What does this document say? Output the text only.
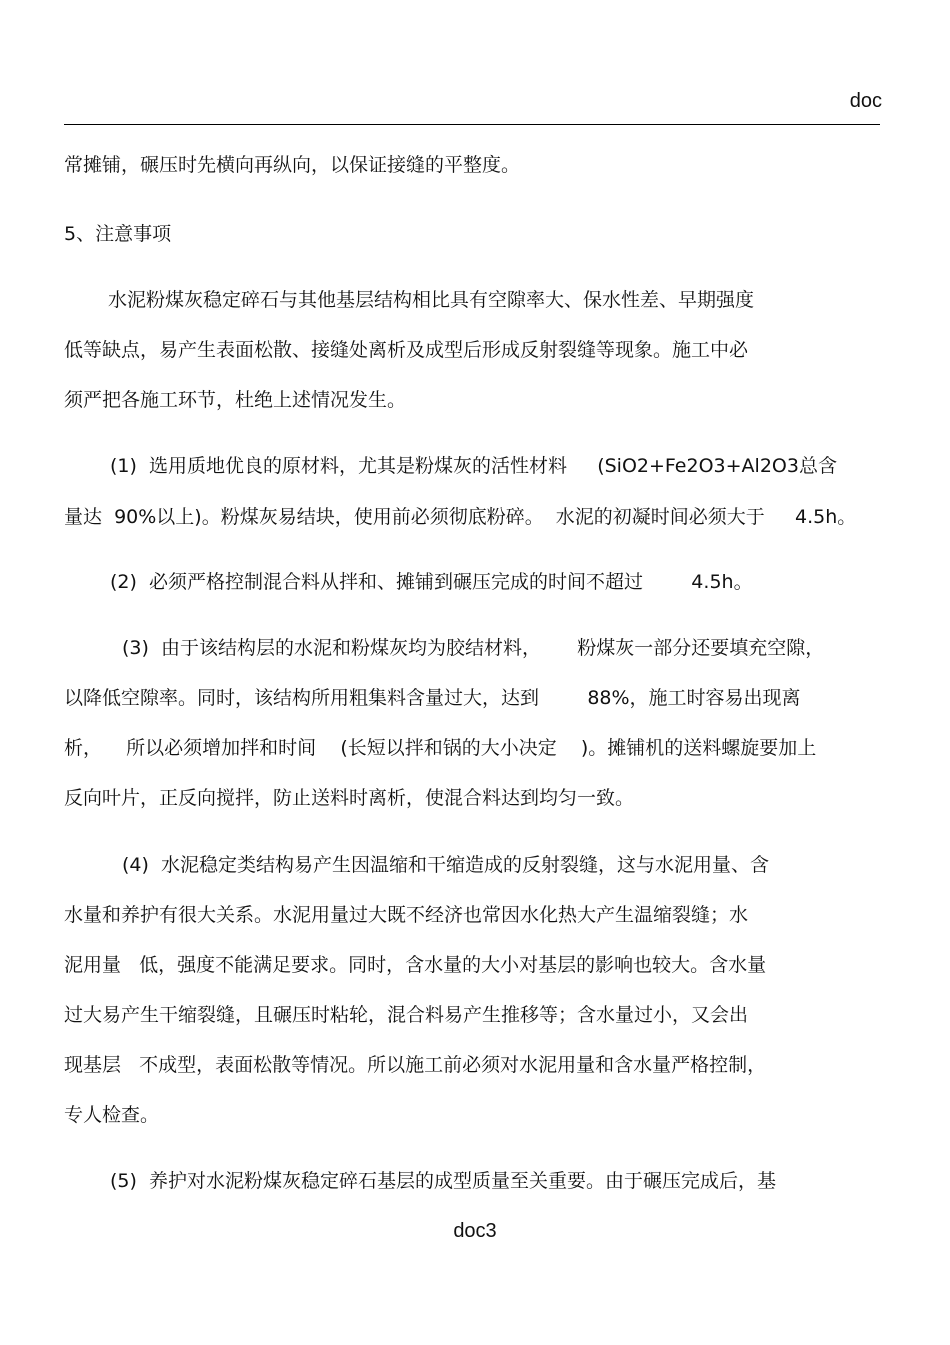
doc
常摊铺，碾压时先横向再纵向，以保证接缝的平整度。
5、注意事项
水泥粉煤灰稳定碎石与其他基层结构相比具有空隙率大、保水性差、早期强度
低等缺点，易产生表面松散、接缝处离析及成型后形成反射裂缝等现象。施工中必
须严把各施工环节，杜绝上述情况发生。
(1)  选用质地优良的原材料，尤其是粉煤灰的活性材料     (SiO2+Fe2O3+Al2O3总含
量达  90%以上)。粉煤灰易结块，使用前必须彻底粉碎。  水泥的初凝时间必须大于     4.5h。
(2)  必须严格控制混合料从拌和、摊铺到碾压完成的时间不超过        4.5h。
(3)  由于该结构层的水泥和粉煤灰均为胶结材料，      粉煤灰一部分还要填充空隙，
以降低空隙率。同时，该结构所用粗集料含量过大，达到        88%，施工时容易出现离
析，    所以必须增加拌和时间    (长短以拌和锅的大小决定    )。摊铺机的送料螺旋要加上
反向叶片，正反向搅拌，防止送料时离析，使混合料达到均匀一致。
(4)  水泥稳定类结构易产生因温缩和干缩造成的反射裂缝，这与水泥用量、含
水量和养护有很大关系。水泥用量过大既不经济也常因水化热大产生温缩裂缝；水
泥用量   低，强度不能满足要求。同时，含水量的大小对基层的影响也较大。含水量
过大易产生干缩裂缝，且碾压时粘轮，混合料易产生推移等；含水量过小，又会出
现基层   不成型，表面松散等情况。所以施工前必须对水泥用量和含水量严格控制，
专人检查。
(5)  养护对水泥粉煤灰稳定碎石基层的成型质量至关重要。由于碾压完成后，基
doc3
